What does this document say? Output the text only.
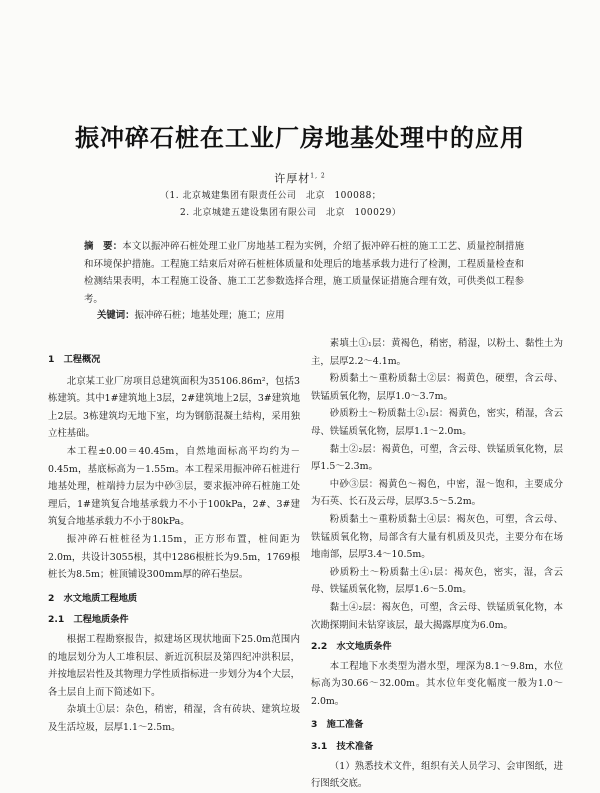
振冲碎石桩在工业厂房地基处理中的应用
许厚材$^{1, 2}$
（1. 北京城建集团有限责任公司　北京　100088；
2. 北京城建五建设集团有限公司　北京　100029）
摘　要：本文以振冲碎石桩处理工业厂房地基工程为实例，介绍了振冲碎石桩的施工工艺、质量控制措施和环境保护措施。工程施工结束后对碎石桩桩体质量和处理后的地基承载力进行了检测，工程质量检查和检测结果表明，本工程施工设备、施工工艺参数选择合理，施工质量保证措施合理有效，可供类似工程参考。
关键词：振冲碎石桩；地基处理；施工；应用
1　工程概况

北京某工业厂房项目总建筑面积为35106.86m²，包括3栋建筑。其中1#建筑地上3层，2#建筑地上2层，3#建筑地上2层。3栋建筑均无地下室，均为钢筋混凝土结构，采用独立柱基础。

本工程±0.00＝40.45m，自然地面标高平均约为－0.45m，基底标高为－1.55m。本工程采用振冲碎石桩进行地基处理，桩端持力层为中砂③层，要求振冲碎石桩施工处理后，1#建筑复合地基承载力不小于100kPa，2#、3#建筑复合地基承载力不小于80kPa。

振冲碎石桩桩径为1.15m，正方形布置，桩间距为2.0m，共设计3055根，其中1286根桩长为9.5m，1769根桩长为8.5m；桩顶铺设300mm厚的碎石垫层。

2　水文地质工程地质
2.1　工程地质条件

根据工程勘察报告，拟建场区现状地面下25.0m范围内的地层划分为人工堆积层、新近沉积层及第四纪冲洪积层，并按地层岩性及其物理力学性质指标进一步划分为4个大层，各土层自上而下简述如下。

杂填土①层：杂色，稍密，稍湿，含有砖块、建筑垃圾及生活垃圾，层厚1.1～2.5m。

素填土①₁层：黄褐色，稍密，稍湿，以粉土、黏性土为主，层厚2.2～4.1m。

粉质黏土～重粉质黏土②层：褐黄色，硬塑，含云母、铁锰质氧化物，层厚1.0～3.7m。

砂质粉土～粉质黏土②₁层：褐黄色，密实，稍湿，含云母、铁锰质氧化物，层厚1.1～2.0m。

黏土②₂层：褐黄色，可塑，含云母、铁锰质氧化物，层厚1.5～2.3m。

中砂③层：褐黄色～褐色，中密，湿～饱和，主要成分为石英、长石及云母，层厚3.5～5.2m。

粉质黏土～重粉质黏土④层：褐灰色，可塑，含云母、铁锰质氧化物，局部含有大量有机质及贝壳，主要分布在场地南部，层厚3.4～10.5m。

砂质粉土～粉质黏土④₁层：褐灰色，密实，湿，含云母、铁锰质氧化物，层厚1.6～5.0m。

黏土④₂层：褐灰色，可塑，含云母、铁锰质氧化物，本次勘探期间未钻穿该层，最大揭露厚度为6.0m。

2.2　水文地质条件

本工程地下水类型为潜水型，埋深为8.1～9.8m，水位标高为30.66～32.00m。其水位年变化幅度一般为1.0～2.0m。

3　施工准备
3.1　技术准备

（1）熟悉技术文件，组织有关人员学习、会审图纸，进行图纸交底。
